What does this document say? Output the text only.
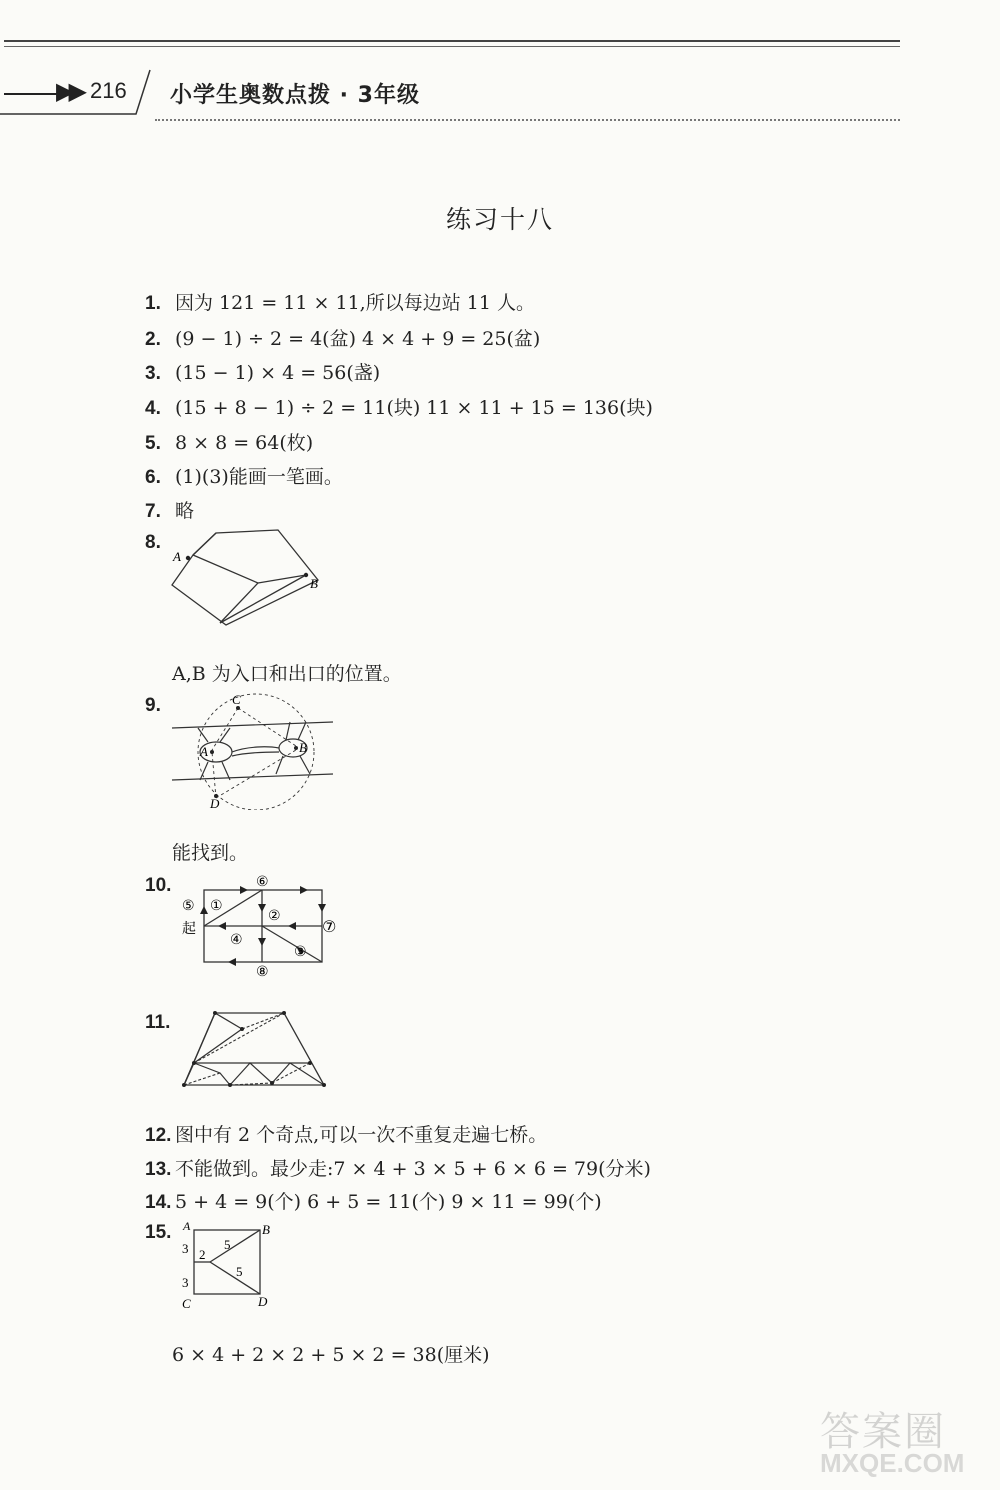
▶▶ 216 小学生奥数点拨 · 3年级
练习十八
1. 因为 121 = 11 × 11,所以每边站 11 人。
2. (9 − 1) ÷ 2 = 4(盆) 4 × 4 + 9 = 25(盆)
3. (15 − 1) × 4 = 56(盏)
4. (15 + 8 − 1) ÷ 2 = 11(块) 11 × 11 + 15 = 136(块)
5. 8 × 8 = 64(枚)
6. (1)(3)能画一笔画。
7. 略
8.
A
B
A,B 为入口和出口的位置。
9.	C
A	B
D
能找到。
10.	⑥
⑤ ①
②
⑦
起
④
③
⑧
11.
12. 图中有 2 个奇点,可以一次不重复走遍七桥。
13. 不能做到。最少走:7 × 4 + 3 × 5 + 6 × 6 = 79(分米)
14. 5 + 4 = 9(个) 6 + 5 = 11(个) 9 × 11 = 99(个)
15. A	B
C	D
3
3
2
5
5
6 × 4 + 2 × 2 + 5 × 2 = 38(厘米)
答案圈
MXQE.COM
